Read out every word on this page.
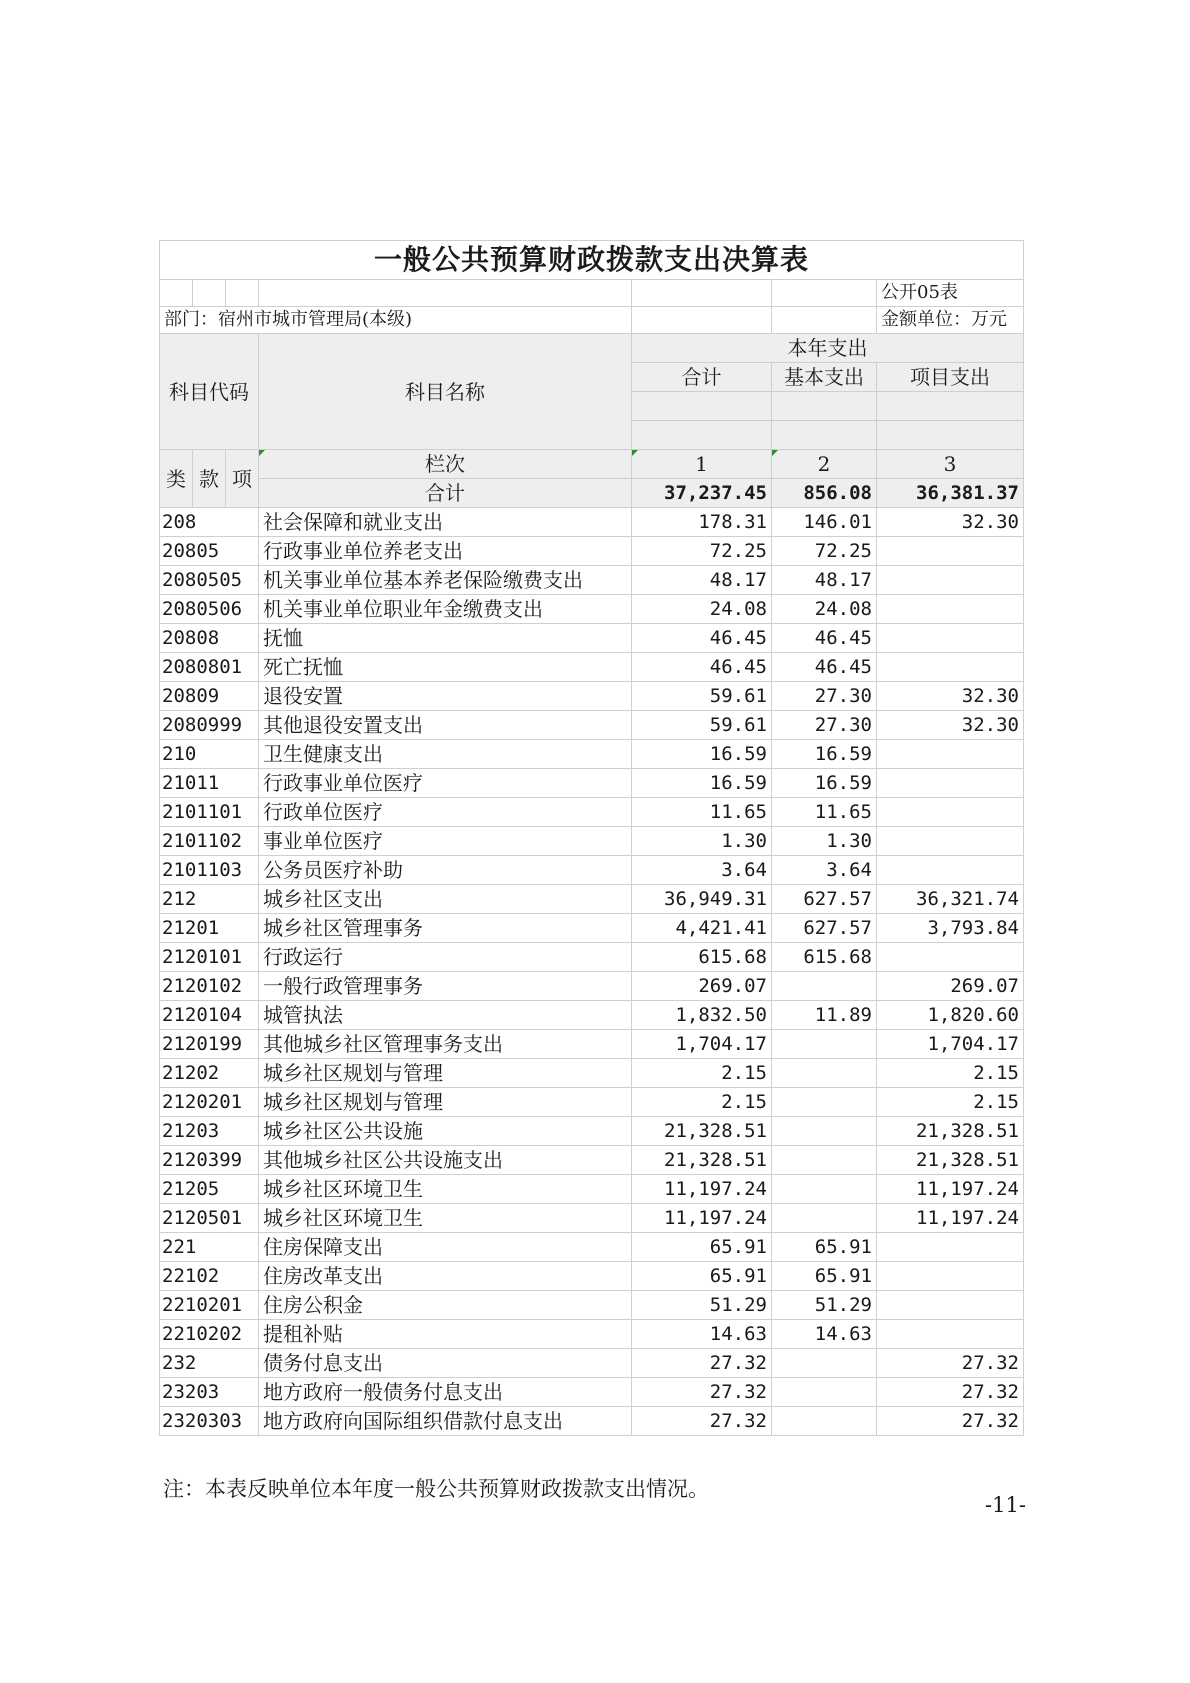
一般公共预算财政拨款支出决算表						
						公开05表
部门：宿州市城市管理局(本级)						金额单位：万元
科目代码			科目名称	本年支出		
				合计	基本支出	项目支出

类	款	项	栏次	1	2	3
			合计	37,237.45	856.08	36,381.37
208			社会保障和就业支出	178.31	146.01	32.30
20805			行政事业单位养老支出	72.25	72.25	
2080505			机关事业单位基本养老保险缴费支出	48.17	48.17	
2080506			机关事业单位职业年金缴费支出	24.08	24.08	
20808			抚恤	46.45	46.45	
2080801			死亡抚恤	46.45	46.45	
20809			退役安置	59.61	27.30	32.30
2080999			其他退役安置支出	59.61	27.30	32.30
210			卫生健康支出	16.59	16.59	
21011			行政事业单位医疗	16.59	16.59	
2101101			行政单位医疗	11.65	11.65	
2101102			事业单位医疗	1.30	1.30	
2101103			公务员医疗补助	3.64	3.64	
212			城乡社区支出	36,949.31	627.57	36,321.74
21201			城乡社区管理事务	4,421.41	627.57	3,793.84
2120101			行政运行	615.68	615.68	
2120102			一般行政管理事务	269.07		269.07
2120104			城管执法	1,832.50	11.89	1,820.60
2120199			其他城乡社区管理事务支出	1,704.17		1,704.17
21202			城乡社区规划与管理	2.15		2.15
2120201			城乡社区规划与管理	2.15		2.15
21203			城乡社区公共设施	21,328.51		21,328.51
2120399			其他城乡社区公共设施支出	21,328.51		21,328.51
21205			城乡社区环境卫生	11,197.24		11,197.24
2120501			城乡社区环境卫生	11,197.24		11,197.24
221			住房保障支出	65.91	65.91	
22102			住房改革支出	65.91	65.91	
2210201			住房公积金	51.29	51.29	
2210202			提租补贴	14.63	14.63	
232			债务付息支出	27.32		27.32
23203			地方政府一般债务付息支出	27.32		27.32
2320303			地方政府向国际组织借款付息支出	27.32		27.32
注：本表反映单位本年度一般公共预算财政拨款支出情况。
-11-
